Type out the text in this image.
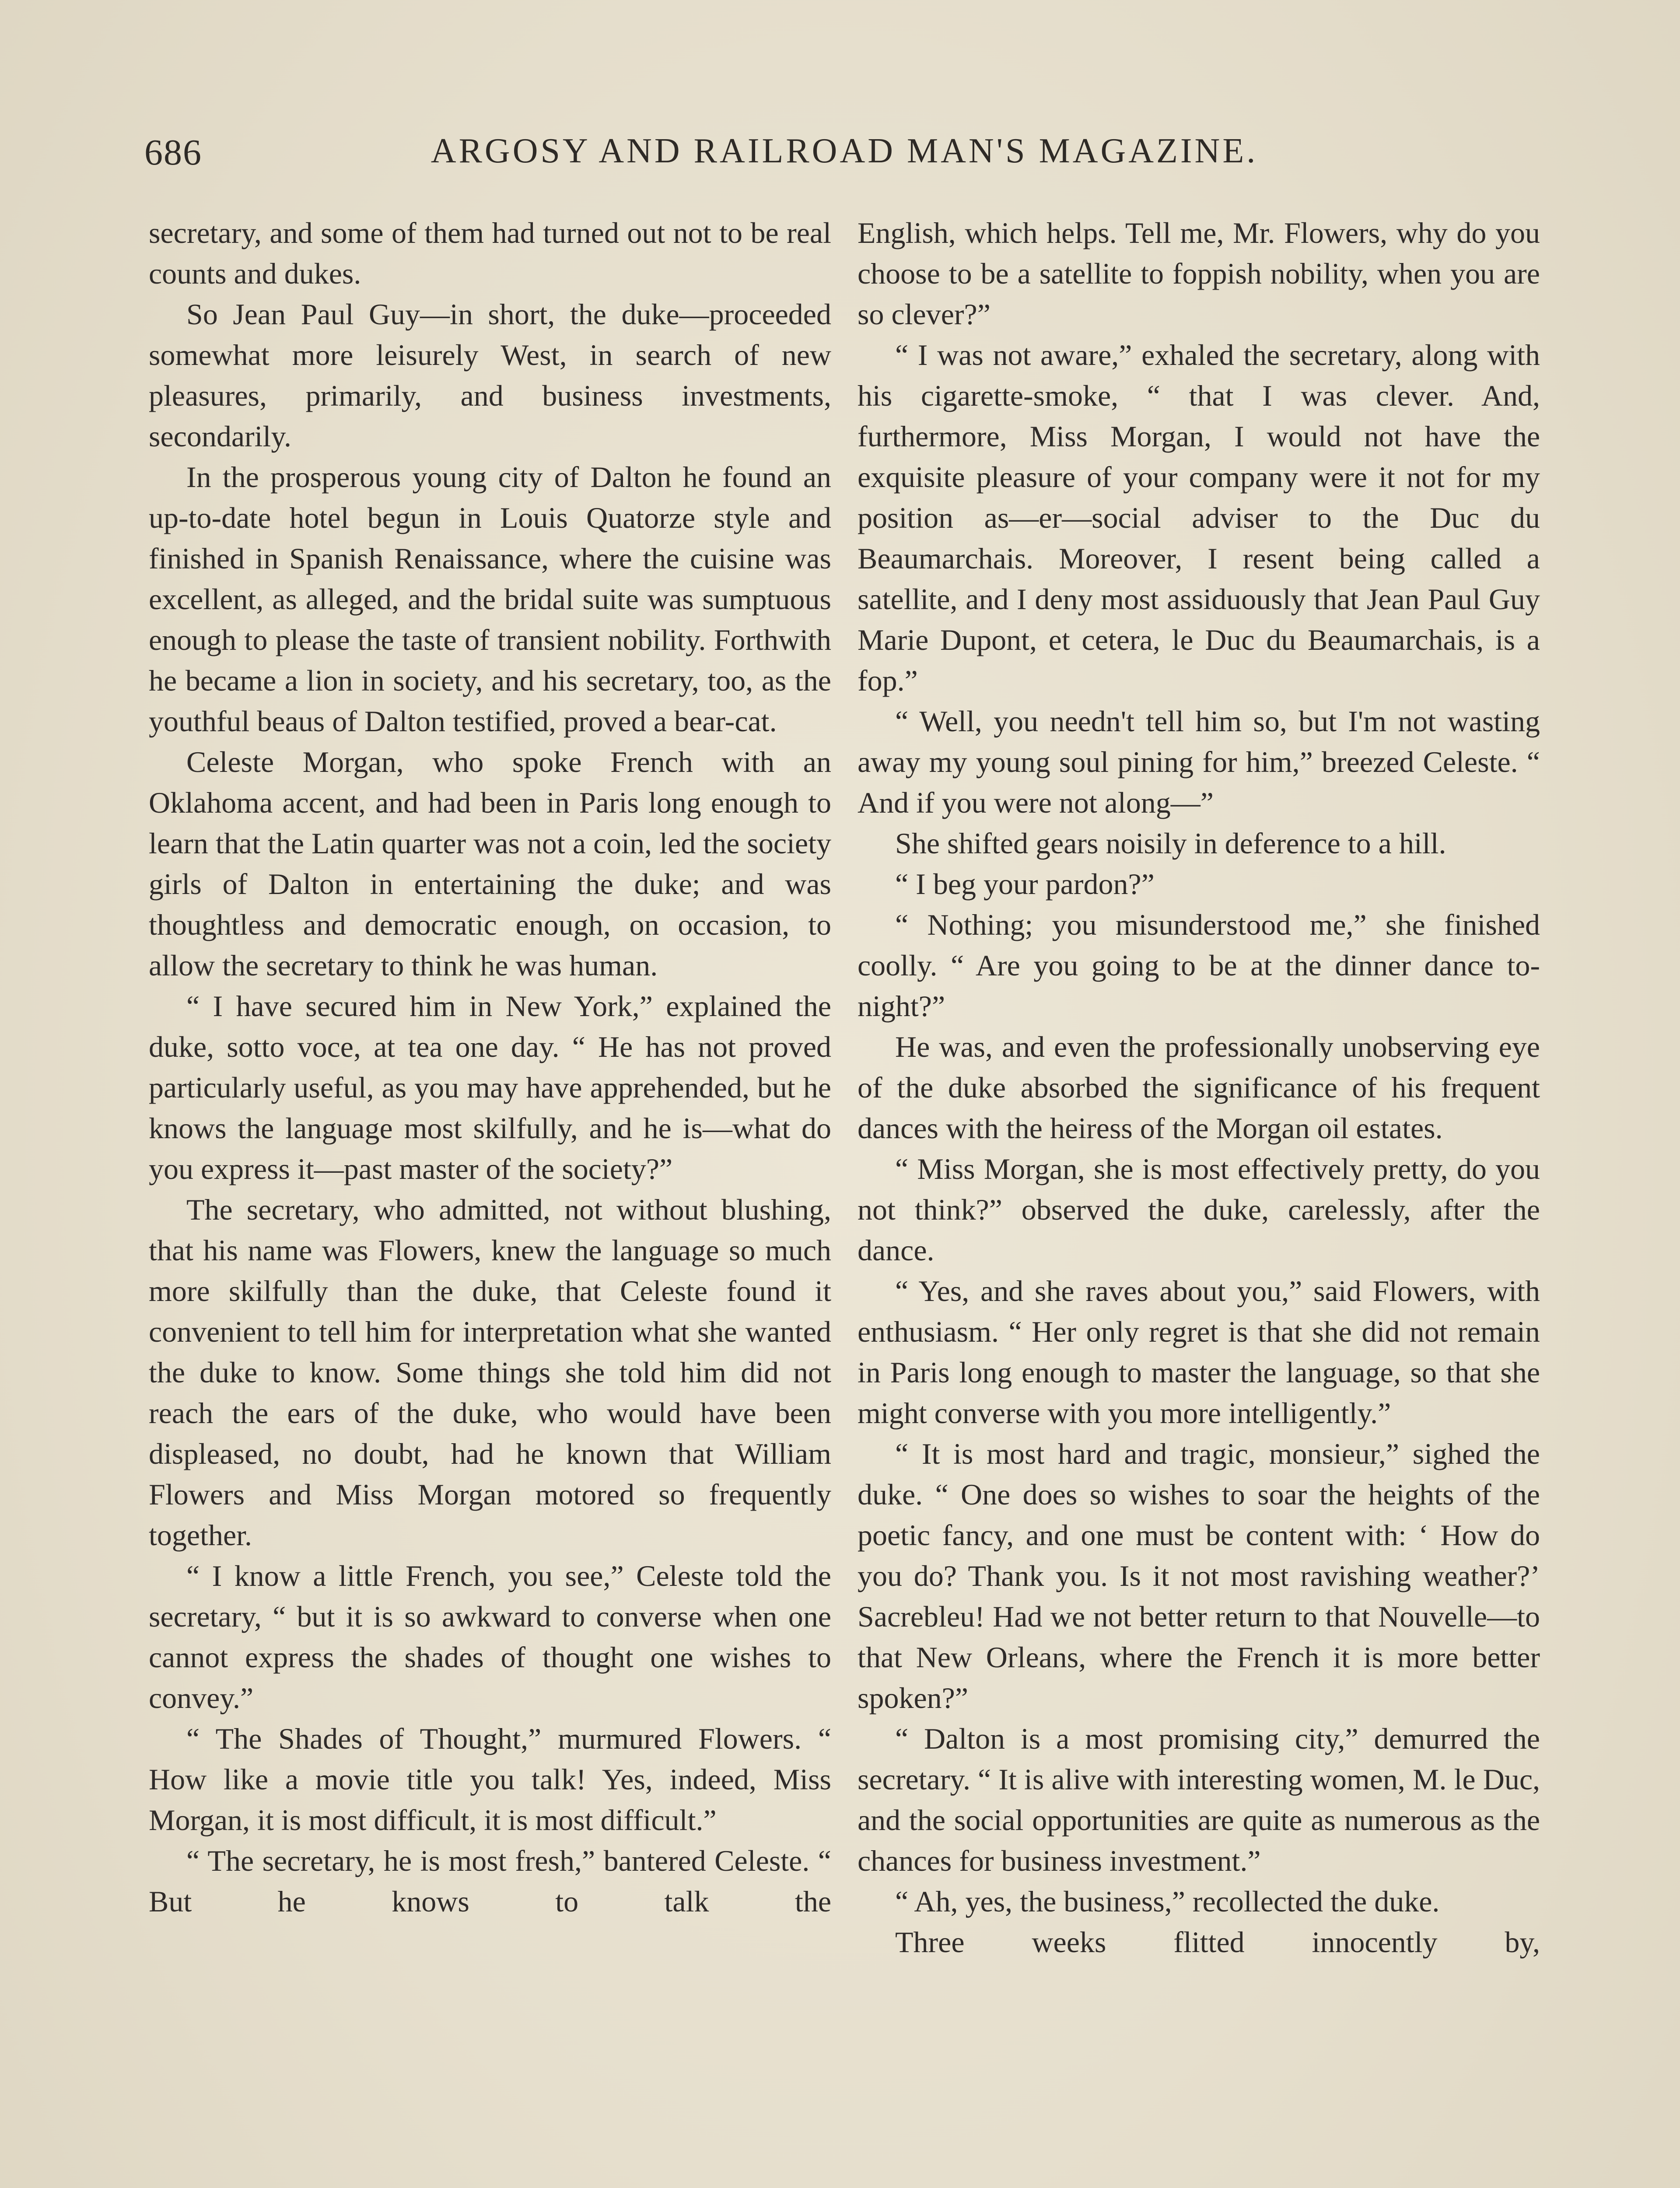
686	ARGOSY AND RAILROAD MAN'S MAGAZINE.

secretary, and some of them had turned out not to be real counts and dukes.

So Jean Paul Guy—in short, the duke—proceeded somewhat more leisurely West, in search of new pleasures, primarily, and business investments, secondarily.

In the prosperous young city of Dalton he found an up-to-date hotel begun in Louis Quatorze style and finished in Spanish Renaissance, where the cuisine was excellent, as alleged, and the bridal suite was sumptuous enough to please the taste of transient nobility. Forthwith he became a lion in society, and his secretary, too, as the youthful beaus of Dalton testified, proved a bear-cat.

Celeste Morgan, who spoke French with an Oklahoma accent, and had been in Paris long enough to learn that the Latin quarter was not a coin, led the society girls of Dalton in entertaining the duke; and was thoughtless and democratic enough, on occasion, to allow the secretary to think he was human.

“ I have secured him in New York,” explained the duke, sotto voce, at tea one day. “ He has not proved particularly useful, as you may have apprehended, but he knows the language most skilfully, and he is—what do you express it—past master of the society?”

The secretary, who admitted, not without blushing, that his name was Flowers, knew the language so much more skilfully than the duke, that Celeste found it convenient to tell him for interpretation what she wanted the duke to know. Some things she told him did not reach the ears of the duke, who would have been displeased, no doubt, had he known that William Flowers and Miss Morgan motored so frequently together.

“ I know a little French, you see,” Celeste told the secretary, “ but it is so awkward to converse when one cannot express the shades of thought one wishes to convey.”

“ The Shades of Thought,” murmured Flowers. “ How like a movie title you talk! Yes, indeed, Miss Morgan, it is most difficult, it is most difficult.”

“ The secretary, he is most fresh,” bantered Celeste. “ But he knows to talk the

English, which helps. Tell me, Mr. Flowers, why do you choose to be a satellite to foppish nobility, when you are so clever?”

“ I was not aware,” exhaled the secretary, along with his cigarette-smoke, “ that I was clever. And, furthermore, Miss Morgan, I would not have the exquisite pleasure of your company were it not for my position as—er—social adviser to the Duc du Beaumarchais. Moreover, I resent being called a satellite, and I deny most assiduously that Jean Paul Guy Marie Dupont, et cetera, le Duc du Beaumarchais, is a fop.”

“ Well, you needn't tell him so, but I'm not wasting away my young soul pining for him,” breezed Celeste. “ And if you were not along—”

She shifted gears noisily in deference to a hill.

“ I beg your pardon?”

“ Nothing; you misunderstood me,” she finished coolly. “ Are you going to be at the dinner dance to-night?”

He was, and even the professionally unobserving eye of the duke absorbed the significance of his frequent dances with the heiress of the Morgan oil estates.

“ Miss Morgan, she is most effectively pretty, do you not think?” observed the duke, carelessly, after the dance.

“ Yes, and she raves about you,” said Flowers, with enthusiasm. “ Her only regret is that she did not remain in Paris long enough to master the language, so that she might converse with you more intelligently.”

“ It is most hard and tragic, monsieur,” sighed the duke. “ One does so wishes to soar the heights of the poetic fancy, and one must be content with: ‘ How do you do? Thank you. Is it not most ravishing weather?’ Sacrebleu! Had we not better return to that Nouvelle—to that New Orleans, where the French it is more better spoken?”

“ Dalton is a most promising city,” demurred the secretary. “ It is alive with interesting women, M. le Duc, and the social opportunities are quite as numerous as the chances for business investment.”

“ Ah, yes, the business,” recollected the duke.

Three weeks flitted innocently by,
